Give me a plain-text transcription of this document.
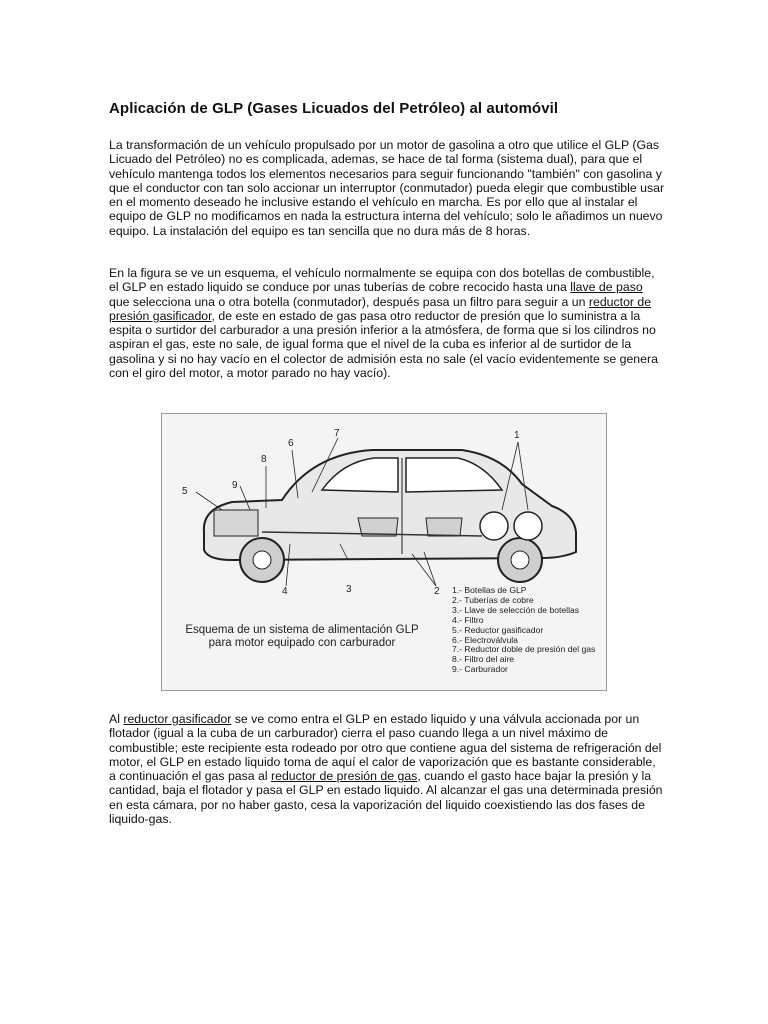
Aplicación de GLP (Gases Licuados del Petróleo) al automóvil

La transformación de un vehículo propulsado por un motor de gasolina a otro que utilice el GLP (Gas Licuado del Petróleo) no es complicada, ademas, se hace de tal forma (sistema dual), para que el vehículo mantenga todos los elementos necesarios para seguir funcionando "también" con gasolina y que el conductor con tan solo accionar un interruptor (conmutador) pueda elegir que combustible usar en el momento deseado he inclusive estando el vehículo en marcha. Es por ello que al instalar el equipo de GLP no modificamos en nada la estructura interna del vehículo; solo le añadimos un nuevo equipo. La instalación del equipo es tan sencilla que no dura más de 8 horas.

En la figura se ve un esquema, el vehículo normalmente se equipa con dos botellas de combustible, el GLP en estado liquido se conduce por unas tuberías de cobre recocido hasta una llave de paso que selecciona una o otra botella (conmutador), después pasa un filtro para seguir a un reductor de presión gasificador, de este en estado de gas pasa otro reductor de presión que lo suministra a la espita o surtidor del carburador a una presión inferior a la atmósfera, de forma que si los cilindros no aspiran el gas, este no sale, de igual forma que el nivel de la cuba es inferior al de surtidor de la gasolina y si no hay vacío en el colector de admisión esta no sale (el vacío evidentemente se genera con el giro del motor, a motor parado no hay vacío).

1
2
3
4
5
6
7
8
9
Esquema de un sistema de alimentación GLP para motor equipado con carburador
1.- Botellas de GLP
2.- Tuberías de cobre
3.- Llave de selección de botellas
4.- Filtro
5.- Reductor gasificador
6.- Electroválvula
7.- Reductor doble de presión del gas
8.- Filtro del aire
9.- Carburador

Al reductor gasificador se ve como entra el GLP en estado liquido y una válvula accionada por un flotador (igual a la cuba de un carburador) cierra el paso cuando llega a un nivel máximo de combustible; este recipiente esta rodeado por otro que contiene agua del sistema de refrigeración del motor, el GLP en estado liquido toma de aquí el calor de vaporización que es bastante considerable, a continuación el gas pasa al reductor de presión de gas, cuando el gasto hace bajar la presión y la cantidad, baja el flotador y pasa el GLP en estado liquido. Al alcanzar el gas una determinada presión en esta cámara, por no haber gasto, cesa la vaporización del liquido coexistiendo las dos fases de liquido-gas.
